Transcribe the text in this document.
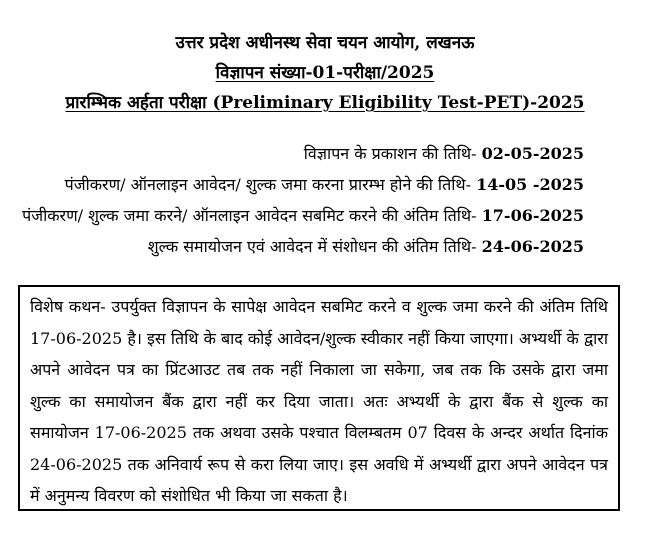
उत्तर प्रदेश अधीनस्थ सेवा चयन आयोग, लखनऊ
विज्ञापन संख्या-01-परीक्षा/2025
प्रारम्भिक अर्हता परीक्षा (Preliminary Eligibility Test-PET)-2025
विज्ञापन के प्रकाशन की तिथि- 02-05-2025
पंजीकरण/ ऑनलाइन आवेदन/ शुल्क जमा करना प्रारम्भ होने की तिथि- 14-05 -2025
पंजीकरण/ शुल्क जमा करने/ ऑनलाइन आवेदन सबमिट करने की अंतिम तिथि- 17-06-2025
शुल्क समायोजन एवं आवेदन में संशोधन की अंतिम तिथि- 24-06-2025

विशेष कथन- उपर्युक्त विज्ञापन के सापेक्ष आवेदन सबमिट करने व शुल्क जमा करने की अंतिम तिथि 17-06-2025 है। इस तिथि के बाद कोई आवेदन/शुल्क स्वीकार नहीं किया जाएगा। अभ्यर्थी के द्वारा अपने आवेदन पत्र का प्रिंटआउट तब तक नहीं निकाला जा सकेगा, जब तक कि उसके द्वारा जमा शुल्क का समायोजन बैंक द्वारा नहीं कर दिया जाता। अतः अभ्यर्थी के द्वारा बैंक से शुल्क का समायोजन 17-06-2025 तक अथवा उसके पश्चात विलम्बतम 07 दिवस के अन्दर अर्थात दिनांक 24-06-2025 तक अनिवार्य रूप से करा लिया जाए। इस अवधि में अभ्यर्थी द्वारा अपने आवेदन पत्र में अनुमन्य विवरण को संशोधित भी किया जा सकता है।
